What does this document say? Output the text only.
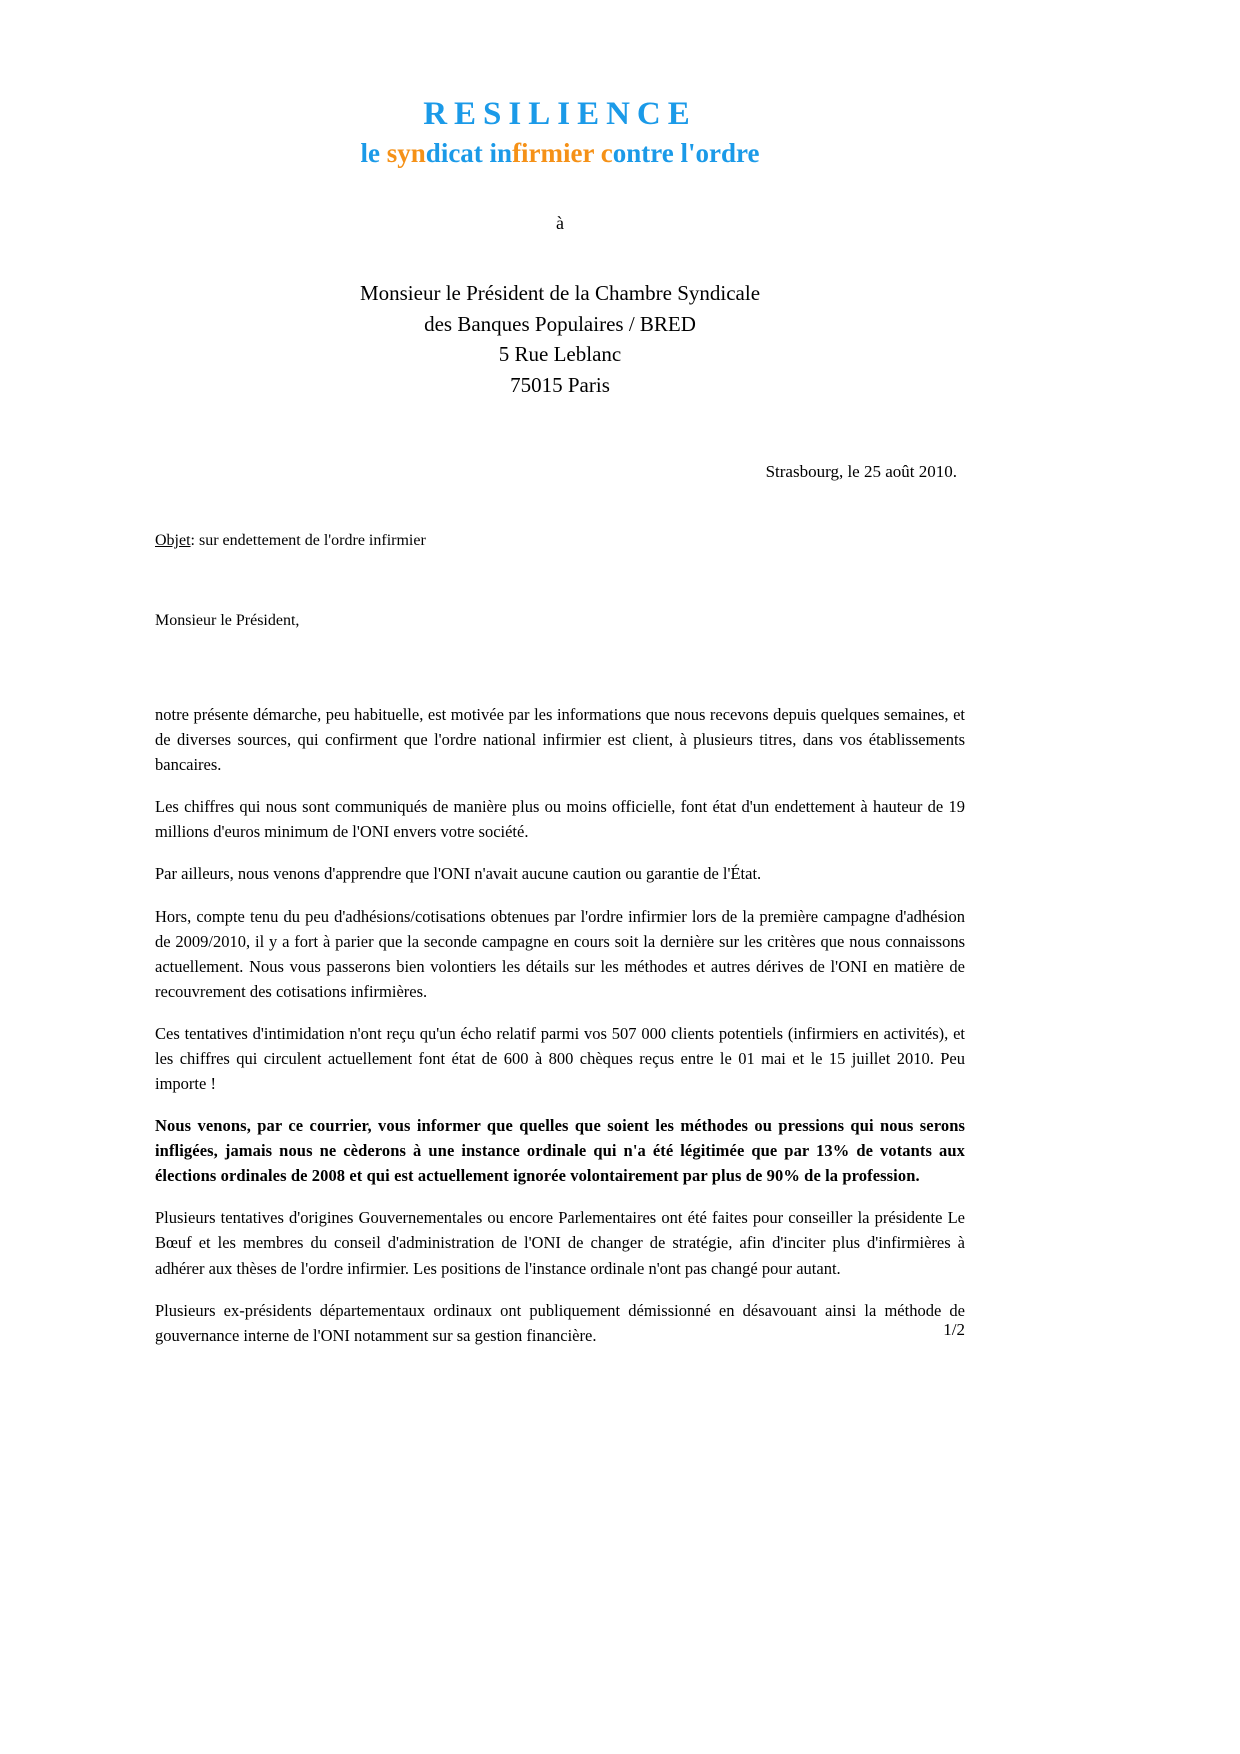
RESILIENCE
le syndicat infirmier contre l'ordre
à
Monsieur le Président de la Chambre Syndicale
des Banques Populaires / BRED
5 Rue Leblanc
75015 Paris
Strasbourg, le 25 août 2010.
Objet: sur endettement de l'ordre infirmier
Monsieur le Président,

notre présente démarche, peu habituelle, est motivée par les informations que nous recevons depuis quelques semaines, et de diverses sources, qui confirment que l'ordre national infirmier est client, à plusieurs titres, dans vos établissements bancaires.

Les chiffres qui nous sont communiqués de manière plus ou moins officielle, font état d'un endettement à hauteur de 19 millions d'euros minimum de l'ONI envers votre société.

Par ailleurs, nous venons d'apprendre que l'ONI n'avait aucune caution ou garantie de l'État.

Hors, compte tenu du peu d'adhésions/cotisations obtenues par l'ordre infirmier lors de la première campagne d'adhésion de 2009/2010, il y a fort à parier que la seconde campagne en cours soit la dernière sur les critères que nous connaissons actuellement. Nous vous passerons bien volontiers les détails sur les méthodes et autres dérives de l'ONI en matière de recouvrement des cotisations infirmières.

Ces tentatives d'intimidation n'ont reçu qu'un écho relatif parmi vos 507 000 clients potentiels (infirmiers en activités), et les chiffres qui circulent actuellement font état de 600 à 800 chèques reçus entre le 01 mai et le 15 juillet 2010. Peu importe !

Nous venons, par ce courrier, vous informer que quelles que soient les méthodes ou pressions qui nous serons infligées, jamais nous ne cèderons à une instance ordinale qui n'a été légitimée que par 13% de votants aux élections ordinales de 2008 et qui est actuellement ignorée volontairement par plus de 90% de la profession.

Plusieurs tentatives d'origines Gouvernementales ou encore Parlementaires ont été faites pour conseiller la présidente Le Bœuf et les membres du conseil d'administration de l'ONI de changer de stratégie, afin d'inciter plus d'infirmières à adhérer aux thèses de l'ordre infirmier. Les positions de l'instance ordinale n'ont pas changé pour autant.

Plusieurs ex-présidents départementaux ordinaux ont publiquement démissionné en désavouant ainsi la méthode de gouvernance interne de l'ONI notamment sur sa gestion financière.	1/2
